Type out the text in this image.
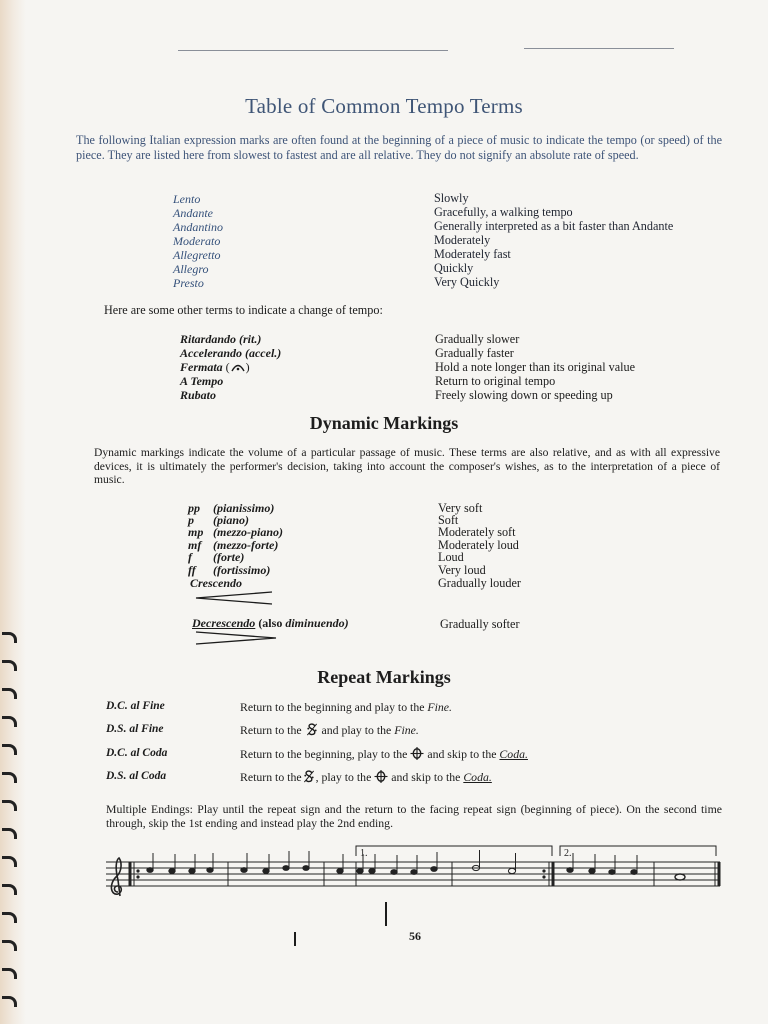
Table of Common Tempo Terms
The following Italian expression marks are often found at the beginning of a piece of music to indicate the tempo (or speed) of the piece. They are listed here from slowest to fastest and are all relative. They do not signify an absolute rate of speed.
Lento	Slowly
Andante	Gracefully, a walking tempo
Andantino	Generally interpreted as a bit faster than Andante
Moderato	Moderately
Allegretto	Moderately fast
Allegro	Quickly
Presto	Very Quickly
Here are some other terms to indicate a change of tempo:
Ritardando (rit.)	Gradually slower
Accelerando (accel.)	Gradually faster
Fermata ( )	Hold a note longer than its original value
A Tempo	Return to original tempo
Rubato	Freely slowing down or speeding up
Dynamic Markings
Dynamic markings indicate the volume of a particular passage of music. These terms are also relative, and as with all expressive devices, it is ultimately the performer's decision, taking into account the composer's wishes, as to the interpretation of a piece of music.
pp (pianissimo)	Very soft
p (piano)	Soft
mp (mezzo-piano)	Moderately soft
mf (mezzo-forte)	Moderately loud
f (forte)	Loud
ff (fortissimo)	Very loud
Crescendo	Gradually louder
Decrescendo (also diminuendo)	Gradually softer
Repeat Markings
D.C. al Fine	Return to the beginning and play to the Fine.
D.S. al Fine	Return to the and play to the Fine.
D.C. al Coda	Return to the beginning, play to the and skip to the Coda.
D.S. al Coda	Return to the , play to the and skip to the Coda.
Multiple Endings: Play until the repeat sign and the return to the facing repeat sign (beginning of piece). On the second time through, skip the 1st ending and instead play the 2nd ending.
1.	2.
56
